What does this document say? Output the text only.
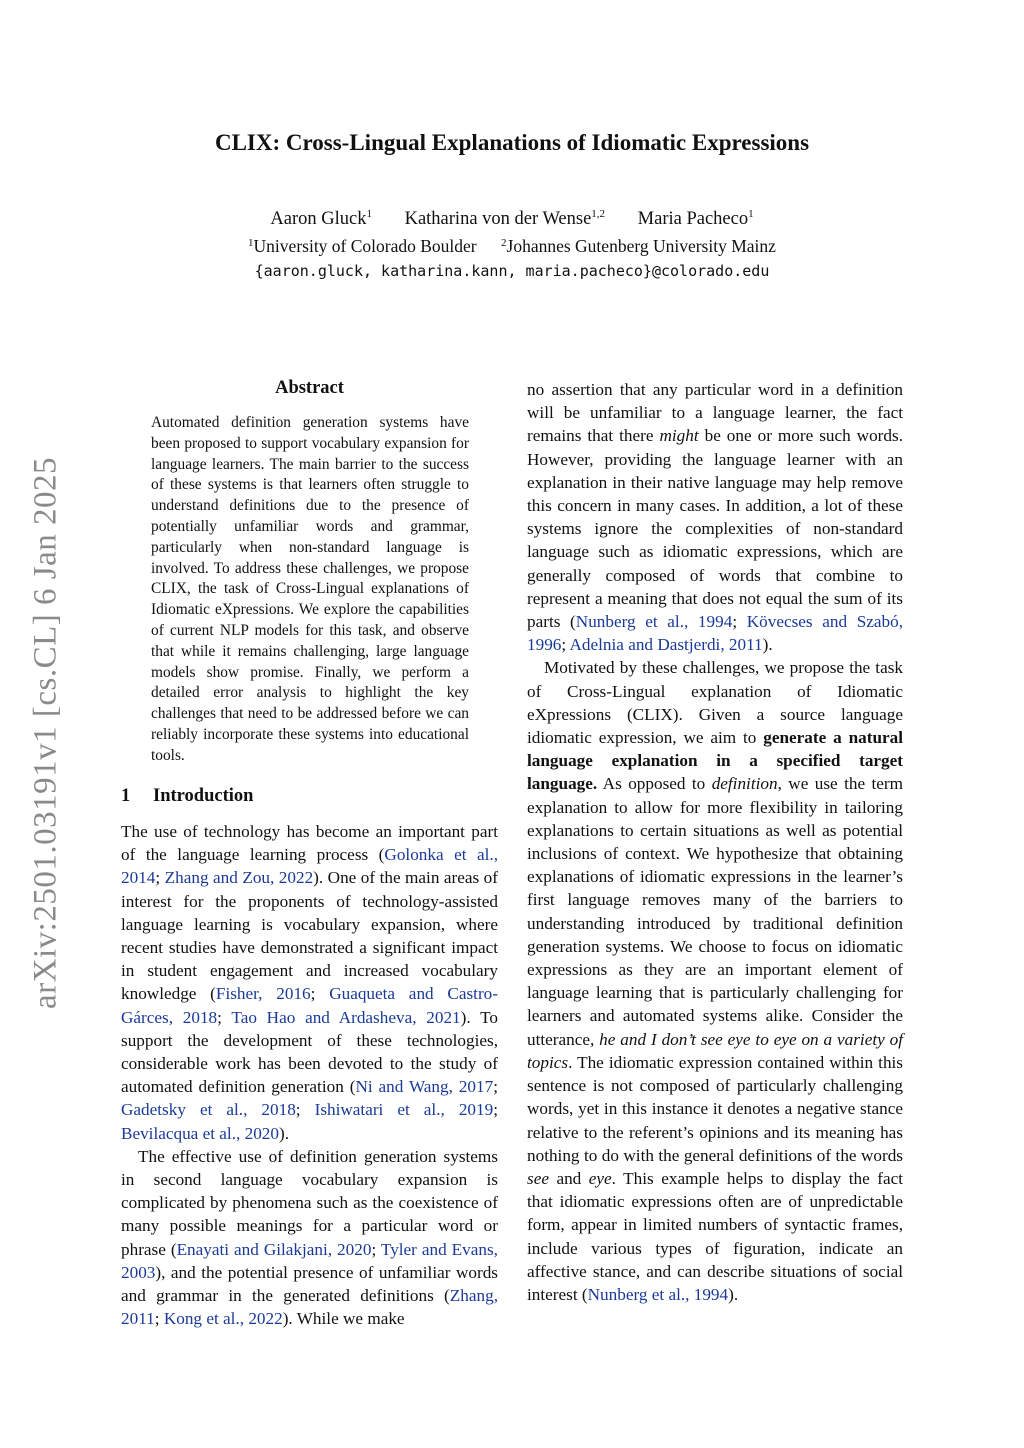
arXiv:2501.03191v1 [cs.CL] 6 Jan 2025
CLIX: Cross-Lingual Explanations of Idiomatic Expressions
Aaron Gluck$^1$ Katharina von der Wense$^{1,2}$ Maria Pacheco$^1$
$^1$University of Colorado Boulder $^2$Johannes Gutenberg University Mainz
{aaron.gluck, katharina.kann, maria.pacheco}@colorado.edu
Abstract
Automated definition generation systems have been proposed to support vocabulary expansion for language learners. The main barrier to the success of these systems is that learners often struggle to understand definitions due to the presence of potentially unfamiliar words and grammar, particularly when non-standard language is involved. To address these challenges, we propose CLIX, the task of Cross-Lingual explanations of Idiomatic eXpressions. We explore the capabilities of current NLP models for this task, and observe that while it remains challenging, large language models show promise. Finally, we perform a detailed error analysis to highlight the key challenges that need to be addressed before we can reliably incorporate these systems into educational tools.
1 Introduction

The use of technology has become an important part of the language learning process (Golonka et al., 2014; Zhang and Zou, 2022). One of the main areas of interest for the proponents of technology-assisted language learning is vocabulary expansion, where recent studies have demonstrated a significant impact in student engagement and increased vocabulary knowledge (Fisher, 2016; Guaqueta and Castro-Gárces, 2018; Tao Hao and Ardasheva, 2021). To support the development of these technologies, considerable work has been devoted to the study of automated definition generation (Ni and Wang, 2017; Gadetsky et al., 2018; Ishiwatari et al., 2019; Bevilacqua et al., 2020).

The effective use of definition generation systems in second language vocabulary expansion is complicated by phenomena such as the coexistence of many possible meanings for a particular word or phrase (Enayati and Gilakjani, 2020; Tyler and Evans, 2003), and the potential presence of unfamiliar words and grammar in the generated definitions (Zhang, 2011; Kong et al., 2022). While we make

no assertion that any particular word in a definition will be unfamiliar to a language learner, the fact remains that there might be one or more such words. However, providing the language learner with an explanation in their native language may help remove this concern in many cases. In addition, a lot of these systems ignore the complexities of non-standard language such as idiomatic expressions, which are generally composed of words that combine to represent a meaning that does not equal the sum of its parts (Nunberg et al., 1994; Kövecses and Szabó, 1996; Adelnia and Dastjerdi, 2011).

Motivated by these challenges, we propose the task of Cross-Lingual explanation of Idiomatic eXpressions (CLIX). Given a source language idiomatic expression, we aim to generate a natural language explanation in a specified target language. As opposed to definition, we use the term explanation to allow for more flexibility in tailoring explanations to certain situations as well as potential inclusions of context. We hypothesize that obtaining explanations of idiomatic expressions in the learner’s first language removes many of the barriers to understanding introduced by traditional definition generation systems. We choose to focus on idiomatic expressions as they are an important element of language learning that is particularly challenging for learners and automated systems alike. Consider the utterance, he and I don’t see eye to eye on a variety of topics. The idiomatic expression contained within this sentence is not composed of particularly challenging words, yet in this instance it denotes a negative stance relative to the referent’s opinions and its meaning has nothing to do with the general definitions of the words see and eye. This example helps to display the fact that idiomatic expressions often are of unpredictable form, appear in limited numbers of syntactic frames, include various types of figuration, indicate an affective stance, and can describe situations of social interest (Nunberg et al., 1994).
